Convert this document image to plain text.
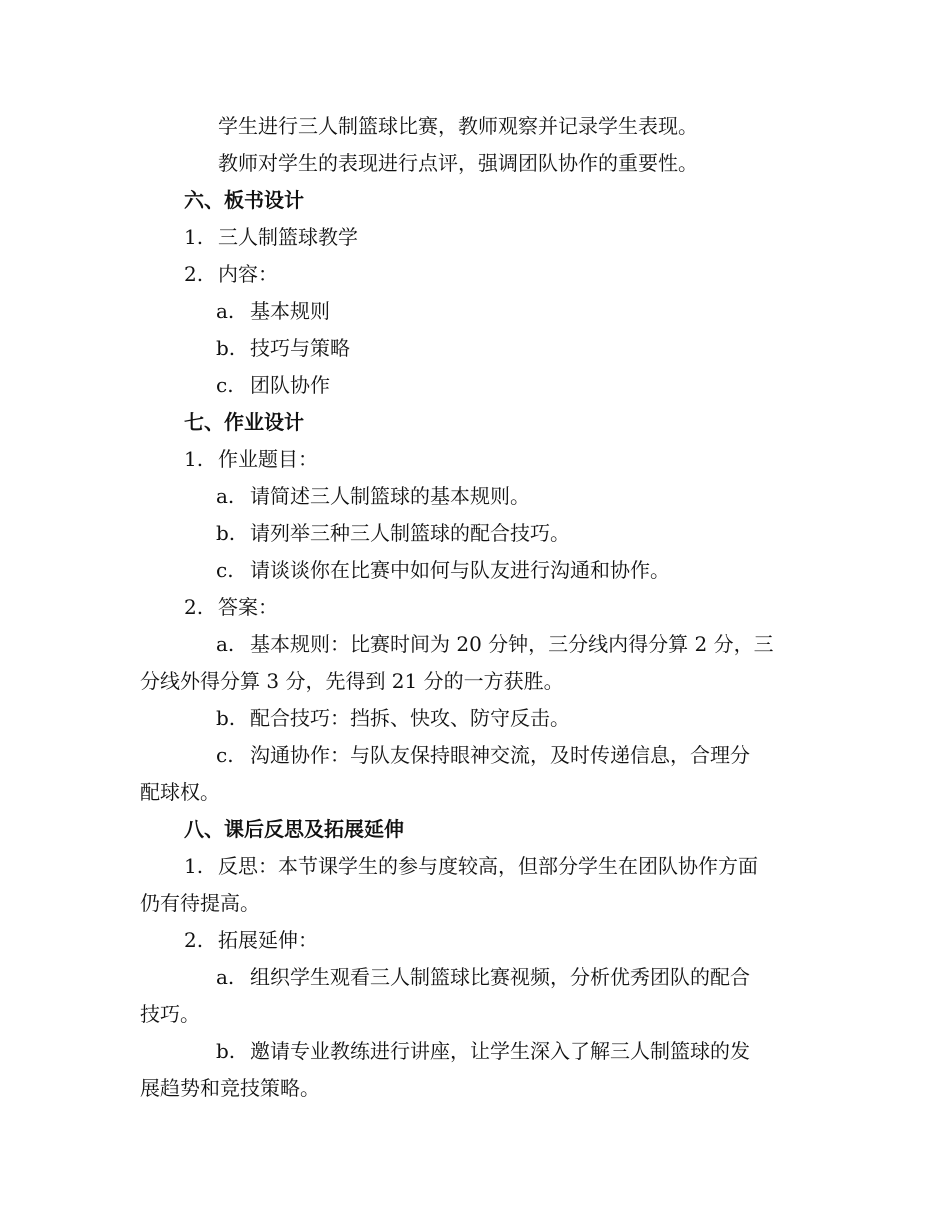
学生进行三人制篮球比赛，教师观察并记录学生表现。
教师对学生的表现进行点评，强调团队协作的重要性。
六、板书设计
1. 三人制篮球教学
2. 内容：
a. 基本规则
b. 技巧与策略
c. 团队协作
七、作业设计
1. 作业题目：
a. 请简述三人制篮球的基本规则。
b. 请列举三种三人制篮球的配合技巧。
c. 请谈谈你在比赛中如何与队友进行沟通和协作。
2. 答案：
a. 基本规则：比赛时间为 20 分钟，三分线内得分算 2 分，三
分线外得分算 3 分，先得到 21 分的一方获胜。
b. 配合技巧：挡拆、快攻、防守反击。
c. 沟通协作：与队友保持眼神交流，及时传递信息，合理分
配球权。
八、课后反思及拓展延伸
1. 反思：本节课学生的参与度较高，但部分学生在团队协作方面
仍有待提高。
2. 拓展延伸：
a. 组织学生观看三人制篮球比赛视频，分析优秀团队的配合
技巧。
b. 邀请专业教练进行讲座，让学生深入了解三人制篮球的发
展趋势和竞技策略。
